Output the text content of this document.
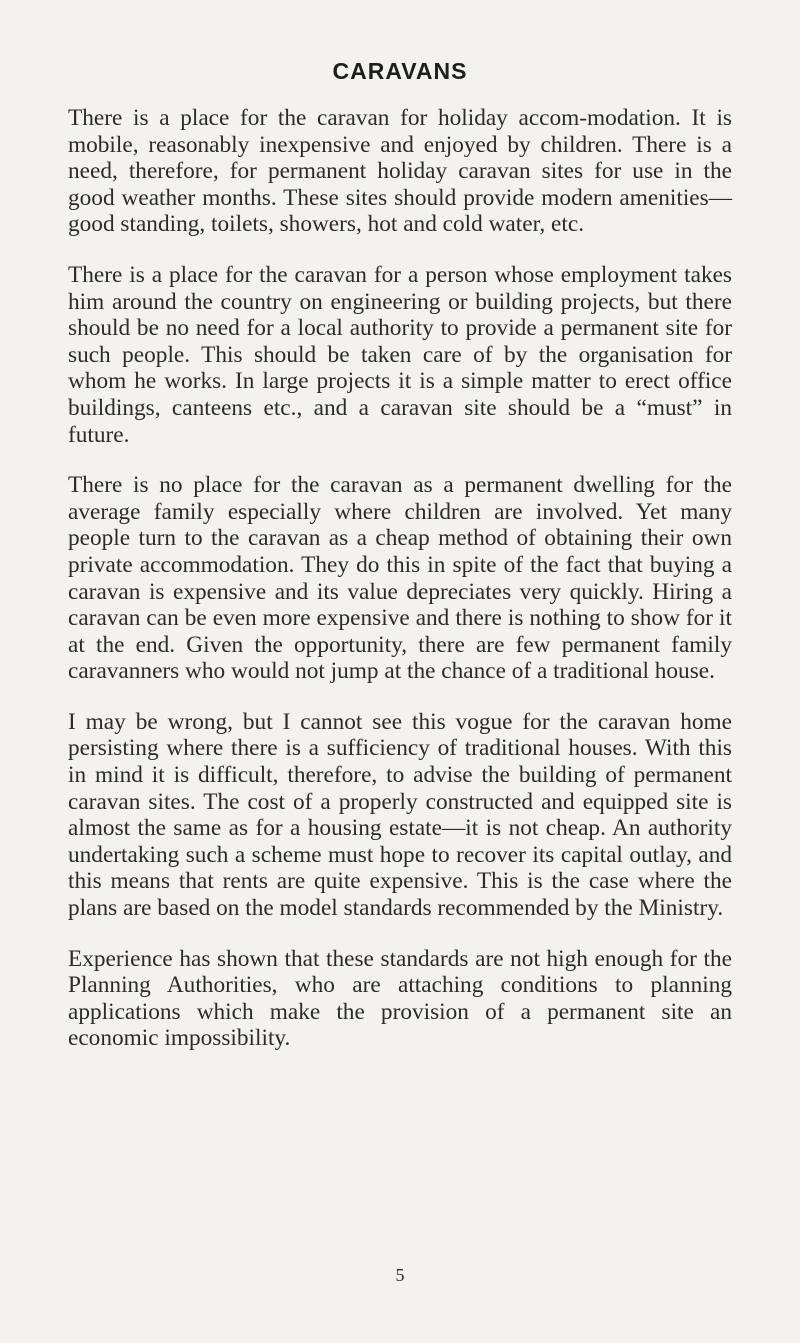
CARAVANS

There is a place for the caravan for holiday accom-modation. It is mobile, reasonably inexpensive and enjoyed by children. There is a need, therefore, for permanent holiday caravan sites for use in the good weather months. These sites should provide modern amenities—good standing, toilets, showers, hot and cold water, etc.

There is a place for the caravan for a person whose employment takes him around the country on engineering or building projects, but there should be no need for a local authority to provide a permanent site for such people. This should be taken care of by the organisation for whom he works. In large projects it is a simple matter to erect office buildings, canteens etc., and a caravan site should be a “must” in future.

There is no place for the caravan as a permanent dwelling for the average family especially where children are involved. Yet many people turn to the caravan as a cheap method of obtaining their own private accommodation. They do this in spite of the fact that buying a caravan is expensive and its value depreciates very quickly. Hiring a caravan can be even more expensive and there is nothing to show for it at the end. Given the opportunity, there are few permanent family caravanners who would not jump at the chance of a traditional house.

I may be wrong, but I cannot see this vogue for the caravan home persisting where there is a sufficiency of traditional houses. With this in mind it is difficult, therefore, to advise the building of permanent caravan sites. The cost of a properly constructed and equipped site is almost the same as for a housing estate—it is not cheap. An authority undertaking such a scheme must hope to recover its capital outlay, and this means that rents are quite expensive. This is the case where the plans are based on the model standards recommended by the Ministry.

Experience has shown that these standards are not high enough for the Planning Authorities, who are attaching conditions to planning applications which make the provision of a permanent site an economic impossibility.

5
